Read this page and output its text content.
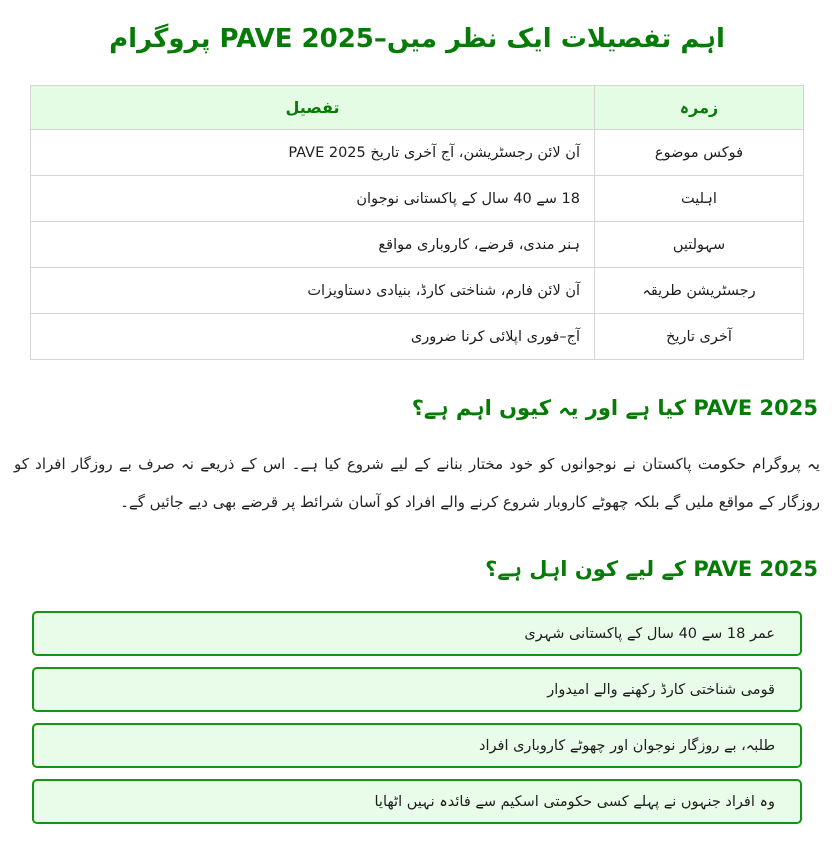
اہم تفصیلات ایک نظر میں–PAVE 2025 پروگرام
زمرہ	تفصیل
فوکس موضوع	PAVE 2025 آن لائن رجسٹریشن، آج آخری تاریخ
اہلیت	18 سے 40 سال کے پاکستانی نوجوان
سہولتیں	ہنر مندی، قرضے، کاروباری مواقع
رجسٹریشن طریقہ	آن لائن فارم، شناختی کارڈ، بنیادی دستاویزات
آخری تاریخ	آج–فوری اپلائی کرنا ضروری
PAVE 2025 کیا ہے اور یہ کیوں اہم ہے؟

یہ پروگرام حکومت پاکستان نے نوجوانوں کو خود مختار بنانے کے لیے شروع کیا ہے۔ اس کے ذریعے نہ صرف بے روزگار افراد کو روزگار کے مواقع ملیں گے بلکہ چھوٹے کاروبار شروع کرنے والے افراد کو آسان شرائط پر قرضے بھی دیے جائیں گے۔

PAVE 2025 کے لیے کون اہل ہے؟
عمر 18 سے 40 سال کے پاکستانی شہری
قومی شناختی کارڈ رکھنے والے امیدوار
طلبہ، بے روزگار نوجوان اور چھوٹے کاروباری افراد
وہ افراد جنہوں نے پہلے کسی حکومتی اسکیم سے فائدہ نہیں اٹھایا
